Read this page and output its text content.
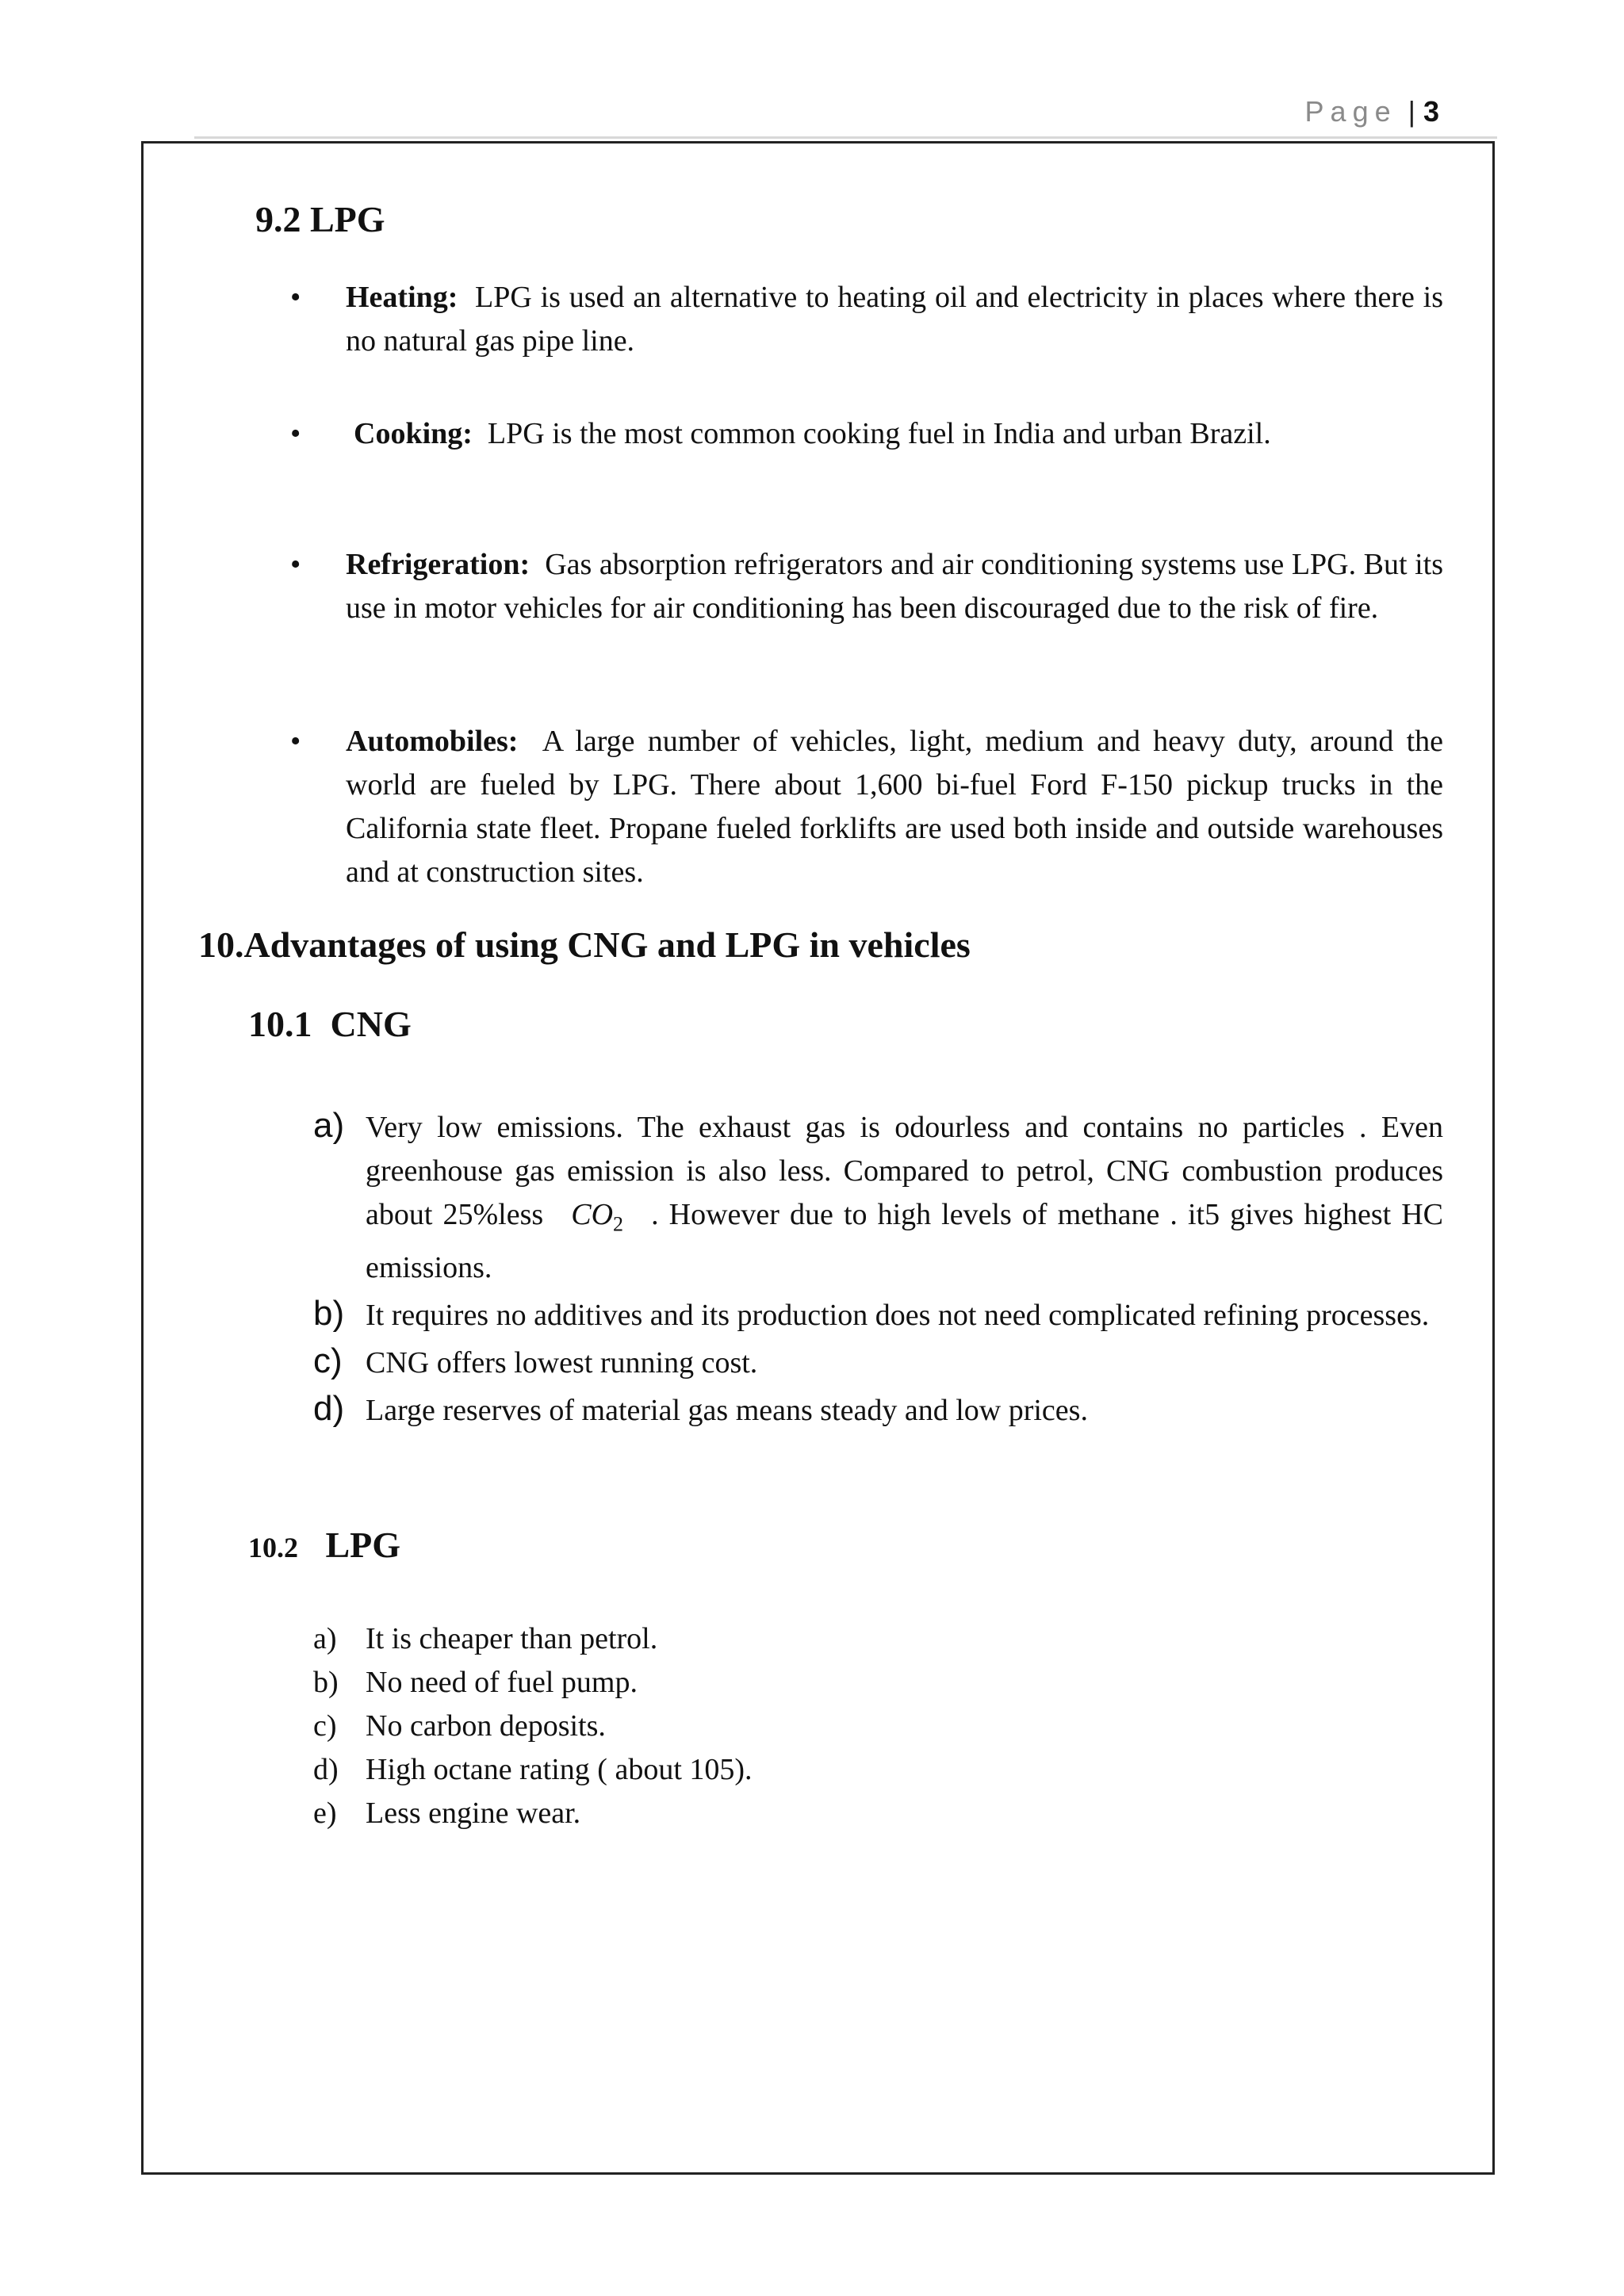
Page | 3
9.2 LPG
• Heating: LPG is used an alternative to heating oil and electricity in places where there is no natural gas pipe line.
• Cooking: LPG is the most common cooking fuel in India and urban Brazil.
• Refrigeration: Gas absorption refrigerators and air conditioning systems use LPG. But its use in motor vehicles for air conditioning has been discouraged due to the risk of fire.
• Automobiles: A large number of vehicles, light, medium and heavy duty, around the world are fueled by LPG. There about 1,600 bi-fuel Ford F-150 pickup trucks in the California state fleet. Propane fueled forklifts are used both inside and outside warehouses and at construction sites.
10.Advantages of using CNG and LPG in vehicles
10.1 CNG
a) Very low emissions. The exhaust gas is odourless and contains no particles . Even greenhouse gas emission is also less. Compared to petrol, CNG combustion produces about 25%less $CO_2$ . However due to high levels of methane . it5 gives highest HC emissions.
b) It requires no additives and its production does not need complicated refining processes.
c) CNG offers lowest running cost.
d) Large reserves of material gas means steady and low prices.
10.2 LPG
a) It is cheaper than petrol.
b) No need of fuel pump.
c) No carbon deposits.
d) High octane rating ( about 105).
e) Less engine wear.
